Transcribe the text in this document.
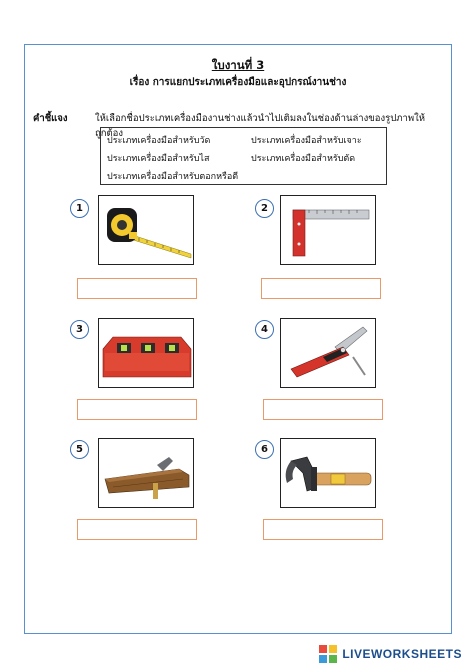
ใบงานที่ 3
เรื่อง การแยกประเภทเครื่องมือและอุปกรณ์งานช่าง
คำชี้แจง	ให้เลือกชื่อประเภทเครื่องมืองานช่างแล้วนำไปเติมลงในช่องด้านล่างของรูปภาพให้ถูกต้อง
ประเภทเครื่องมือสำหรับวัด	ประเภทเครื่องมือสำหรับเจาะ
ประเภทเครื่องมือสำหรับไส	ประเภทเครื่องมือสำหรับตัด
ประเภทเครื่องมือสำหรับตอกหรือตี
1	2
3	4
5	6
LIVEWORKSHEETS
